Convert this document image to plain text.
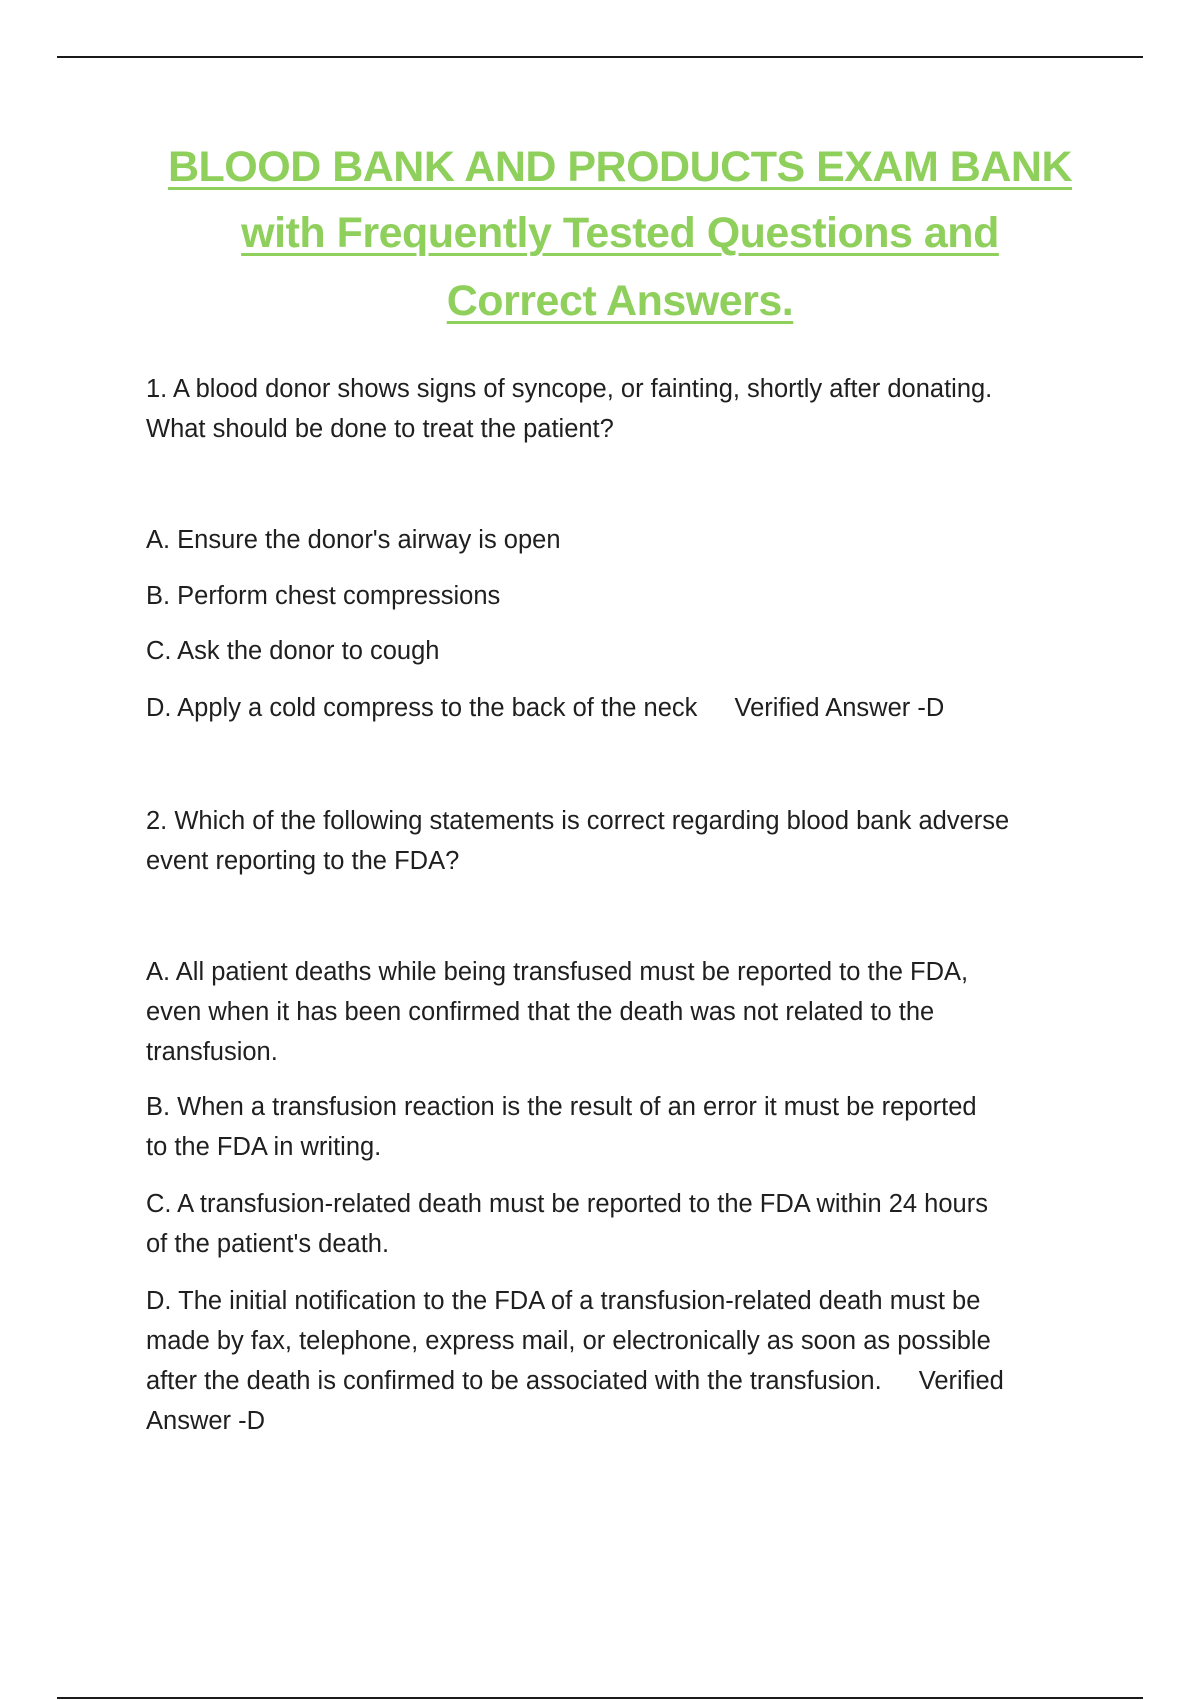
BLOOD BANK AND PRODUCTS EXAM BANK
with Frequently Tested Questions and
Correct Answers.

1. A blood donor shows signs of syncope, or fainting, shortly after donating.

What should be done to treat the patient?

A. Ensure the donor's airway is open

B. Perform chest compressions

C. Ask the donor to cough

D. Apply a cold compress to the back of the neck Verified Answer -D

2. Which of the following statements is correct regarding blood bank adverse

event reporting to the FDA?

A. All patient deaths while being transfused must be reported to the FDA,

even when it has been confirmed that the death was not related to the

transfusion.

B. When a transfusion reaction is the result of an error it must be reported

to the FDA in writing.

C. A transfusion-related death must be reported to the FDA within 24 hours

of the patient's death.

D. The initial notification to the FDA of a transfusion-related death must be

made by fax, telephone, express mail, or electronically as soon as possible

after the death is confirmed to be associated with the transfusion. Verified

Answer -D
